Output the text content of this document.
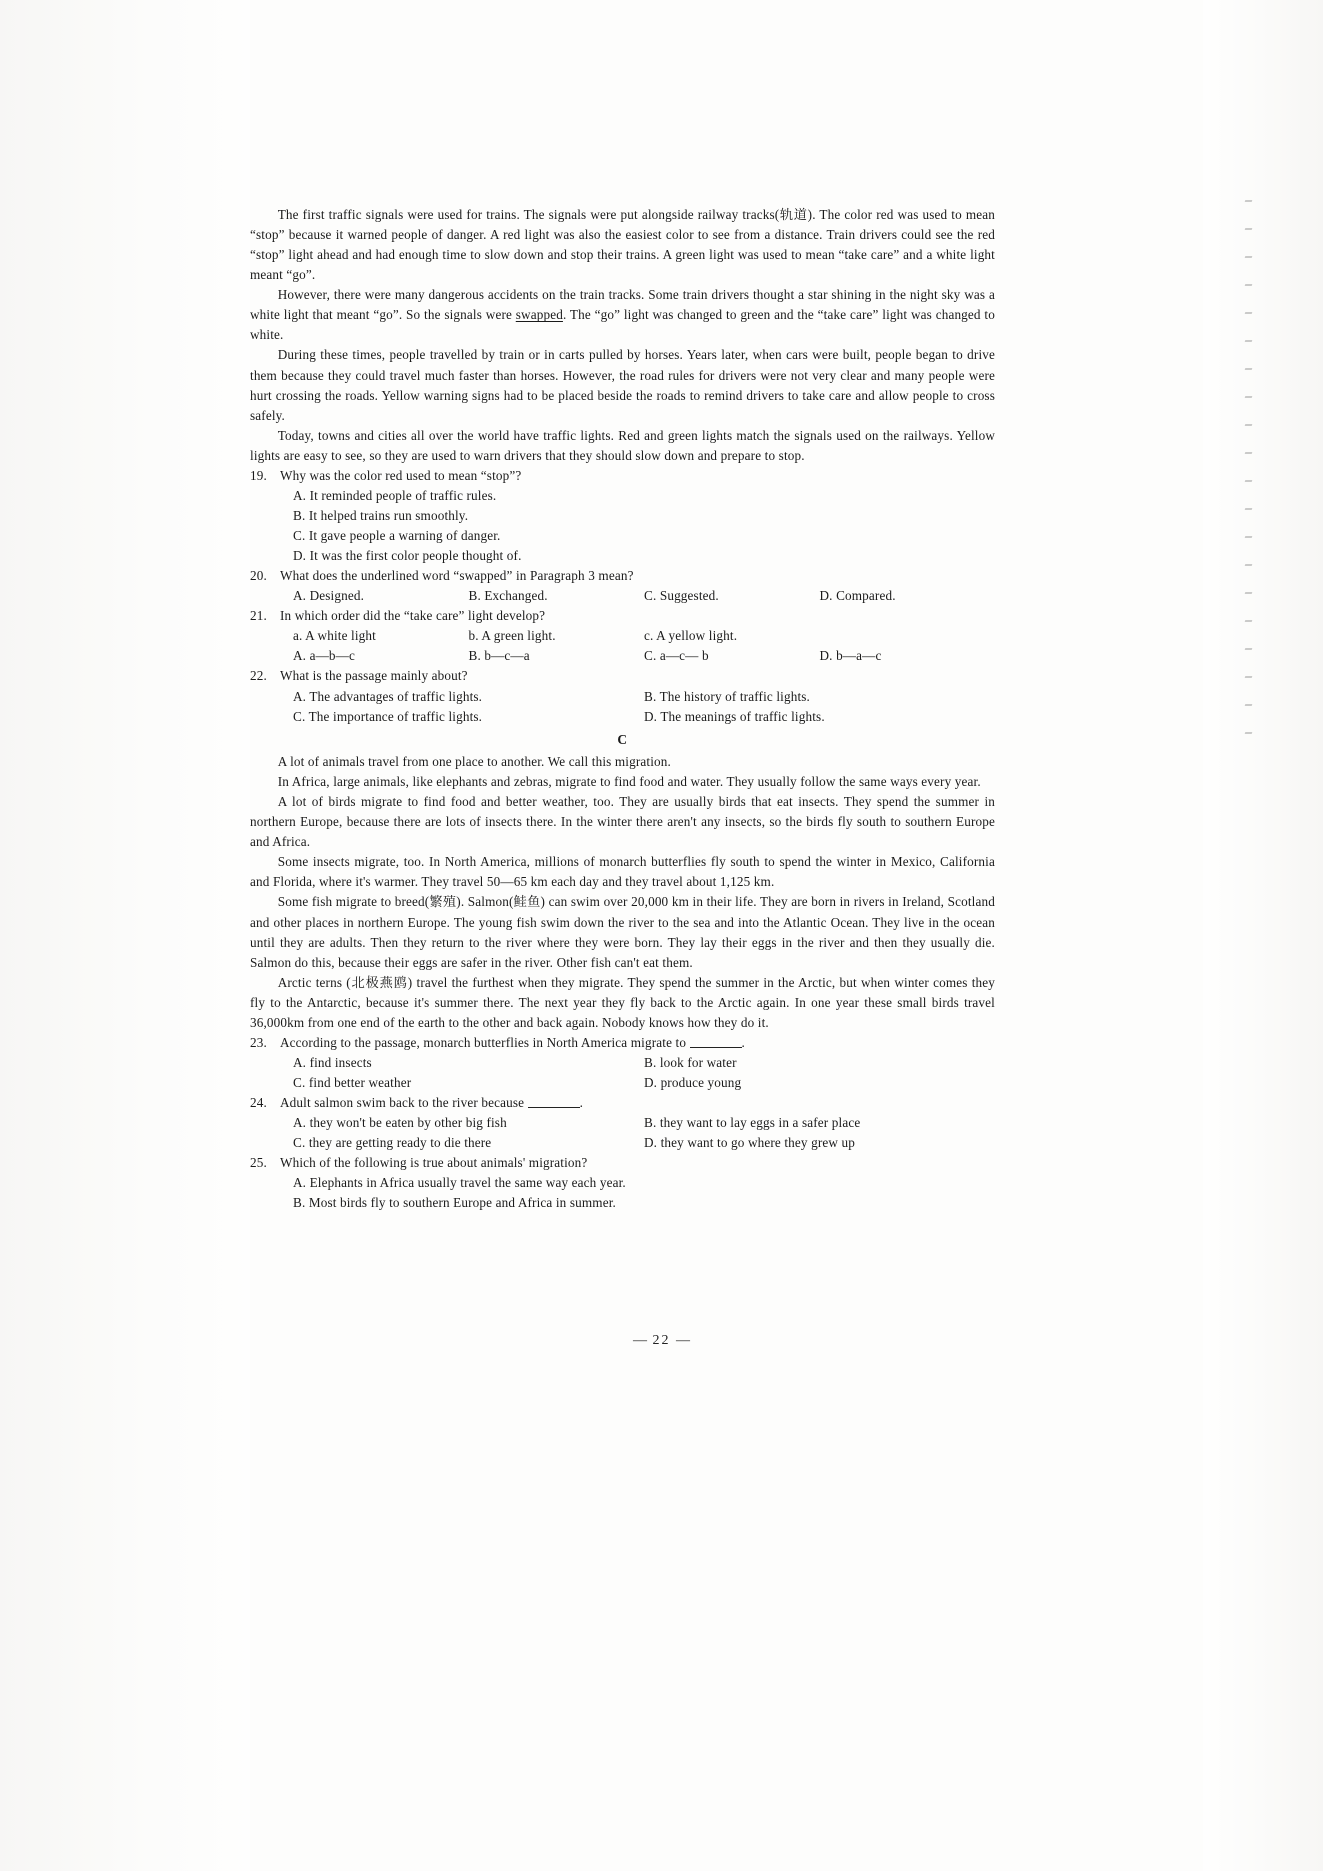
The first traffic signals were used for trains. The signals were put alongside railway tracks(轨道). The color red was used to mean “stop” because it warned people of danger. A red light was also the easiest color to see from a distance. Train drivers could see the red “stop” light ahead and had enough time to slow down and stop their trains. A green light was used to mean “take care” and a white light meant “go”.

However, there were many dangerous accidents on the train tracks. Some train drivers thought a star shining in the night sky was a white light that meant “go”. So the signals were swapped. The “go” light was changed to green and the “take care” light was changed to white.

During these times, people travelled by train or in carts pulled by horses. Years later, when cars were built, people began to drive them because they could travel much faster than horses. However, the road rules for drivers were not very clear and many people were hurt crossing the roads. Yellow warning signs had to be placed beside the roads to remind drivers to take care and allow people to cross safely.

Today, towns and cities all over the world have traffic lights. Red and green lights match the signals used on the railways. Yellow lights are easy to see, so they are used to warn drivers that they should slow down and prepare to stop.

19. Why was the color red used to mean “stop”?
A. It reminded people of traffic rules.
B. It helped trains run smoothly.
C. It gave people a warning of danger.
D. It was the first color people thought of.
20. What does the underlined word “swapped” in Paragraph 3 mean?
A. Designed.	B. Exchanged.	C. Suggested.	D. Compared.
21. In which order did the “take care” light develop?
a. A white light	b. A green light.	c. A yellow light.
A. a—b—c	B. b—c—a	C. a—c— b	D. b—a—c
22. What is the passage mainly about?
A. The advantages of traffic lights.	B. The history of traffic lights.
C. The importance of traffic lights.	D. The meanings of traffic lights.
C

A lot of animals travel from one place to another. We call this migration.

In Africa, large animals, like elephants and zebras, migrate to find food and water. They usually follow the same ways every year.

A lot of birds migrate to find food and better weather, too. They are usually birds that eat insects. They spend the summer in northern Europe, because there are lots of insects there. In the winter there aren't any insects, so the birds fly south to southern Europe and Africa.

Some insects migrate, too. In North America, millions of monarch butterflies fly south to spend the winter in Mexico, California and Florida, where it's warmer. They travel 50—65 km each day and they travel about 1,125 km.

Some fish migrate to breed(繁殖). Salmon(鲑鱼) can swim over 20,000 km in their life. They are born in rivers in Ireland, Scotland and other places in northern Europe. The young fish swim down the river to the sea and into the Atlantic Ocean. They live in the ocean until they are adults. Then they return to the river where they were born. They lay their eggs in the river and then they usually die. Salmon do this, because their eggs are safer in the river. Other fish can't eat them.

Arctic terns (北极燕鸥) travel the furthest when they migrate. They spend the summer in the Arctic, but when winter comes they fly to the Antarctic, because it's summer there. The next year they fly back to the Arctic again. In one year these small birds travel 36,000km from one end of the earth to the other and back again. Nobody knows how they do it.

23. According to the passage, monarch butterflies in North America migrate to	.
A. find insects	B. look for water
C. find better weather	D. produce young
24. Adult salmon swim back to the river because	.
A. they won't be eaten by other big fish	B. they want to lay eggs in a safer place
C. they are getting ready to die there	D. they want to go where they grew up
25. Which of the following is true about animals' migration?
A. Elephants in Africa usually travel the same way each year.
B. Most birds fly to southern Europe and Africa in summer.
— 22 —
